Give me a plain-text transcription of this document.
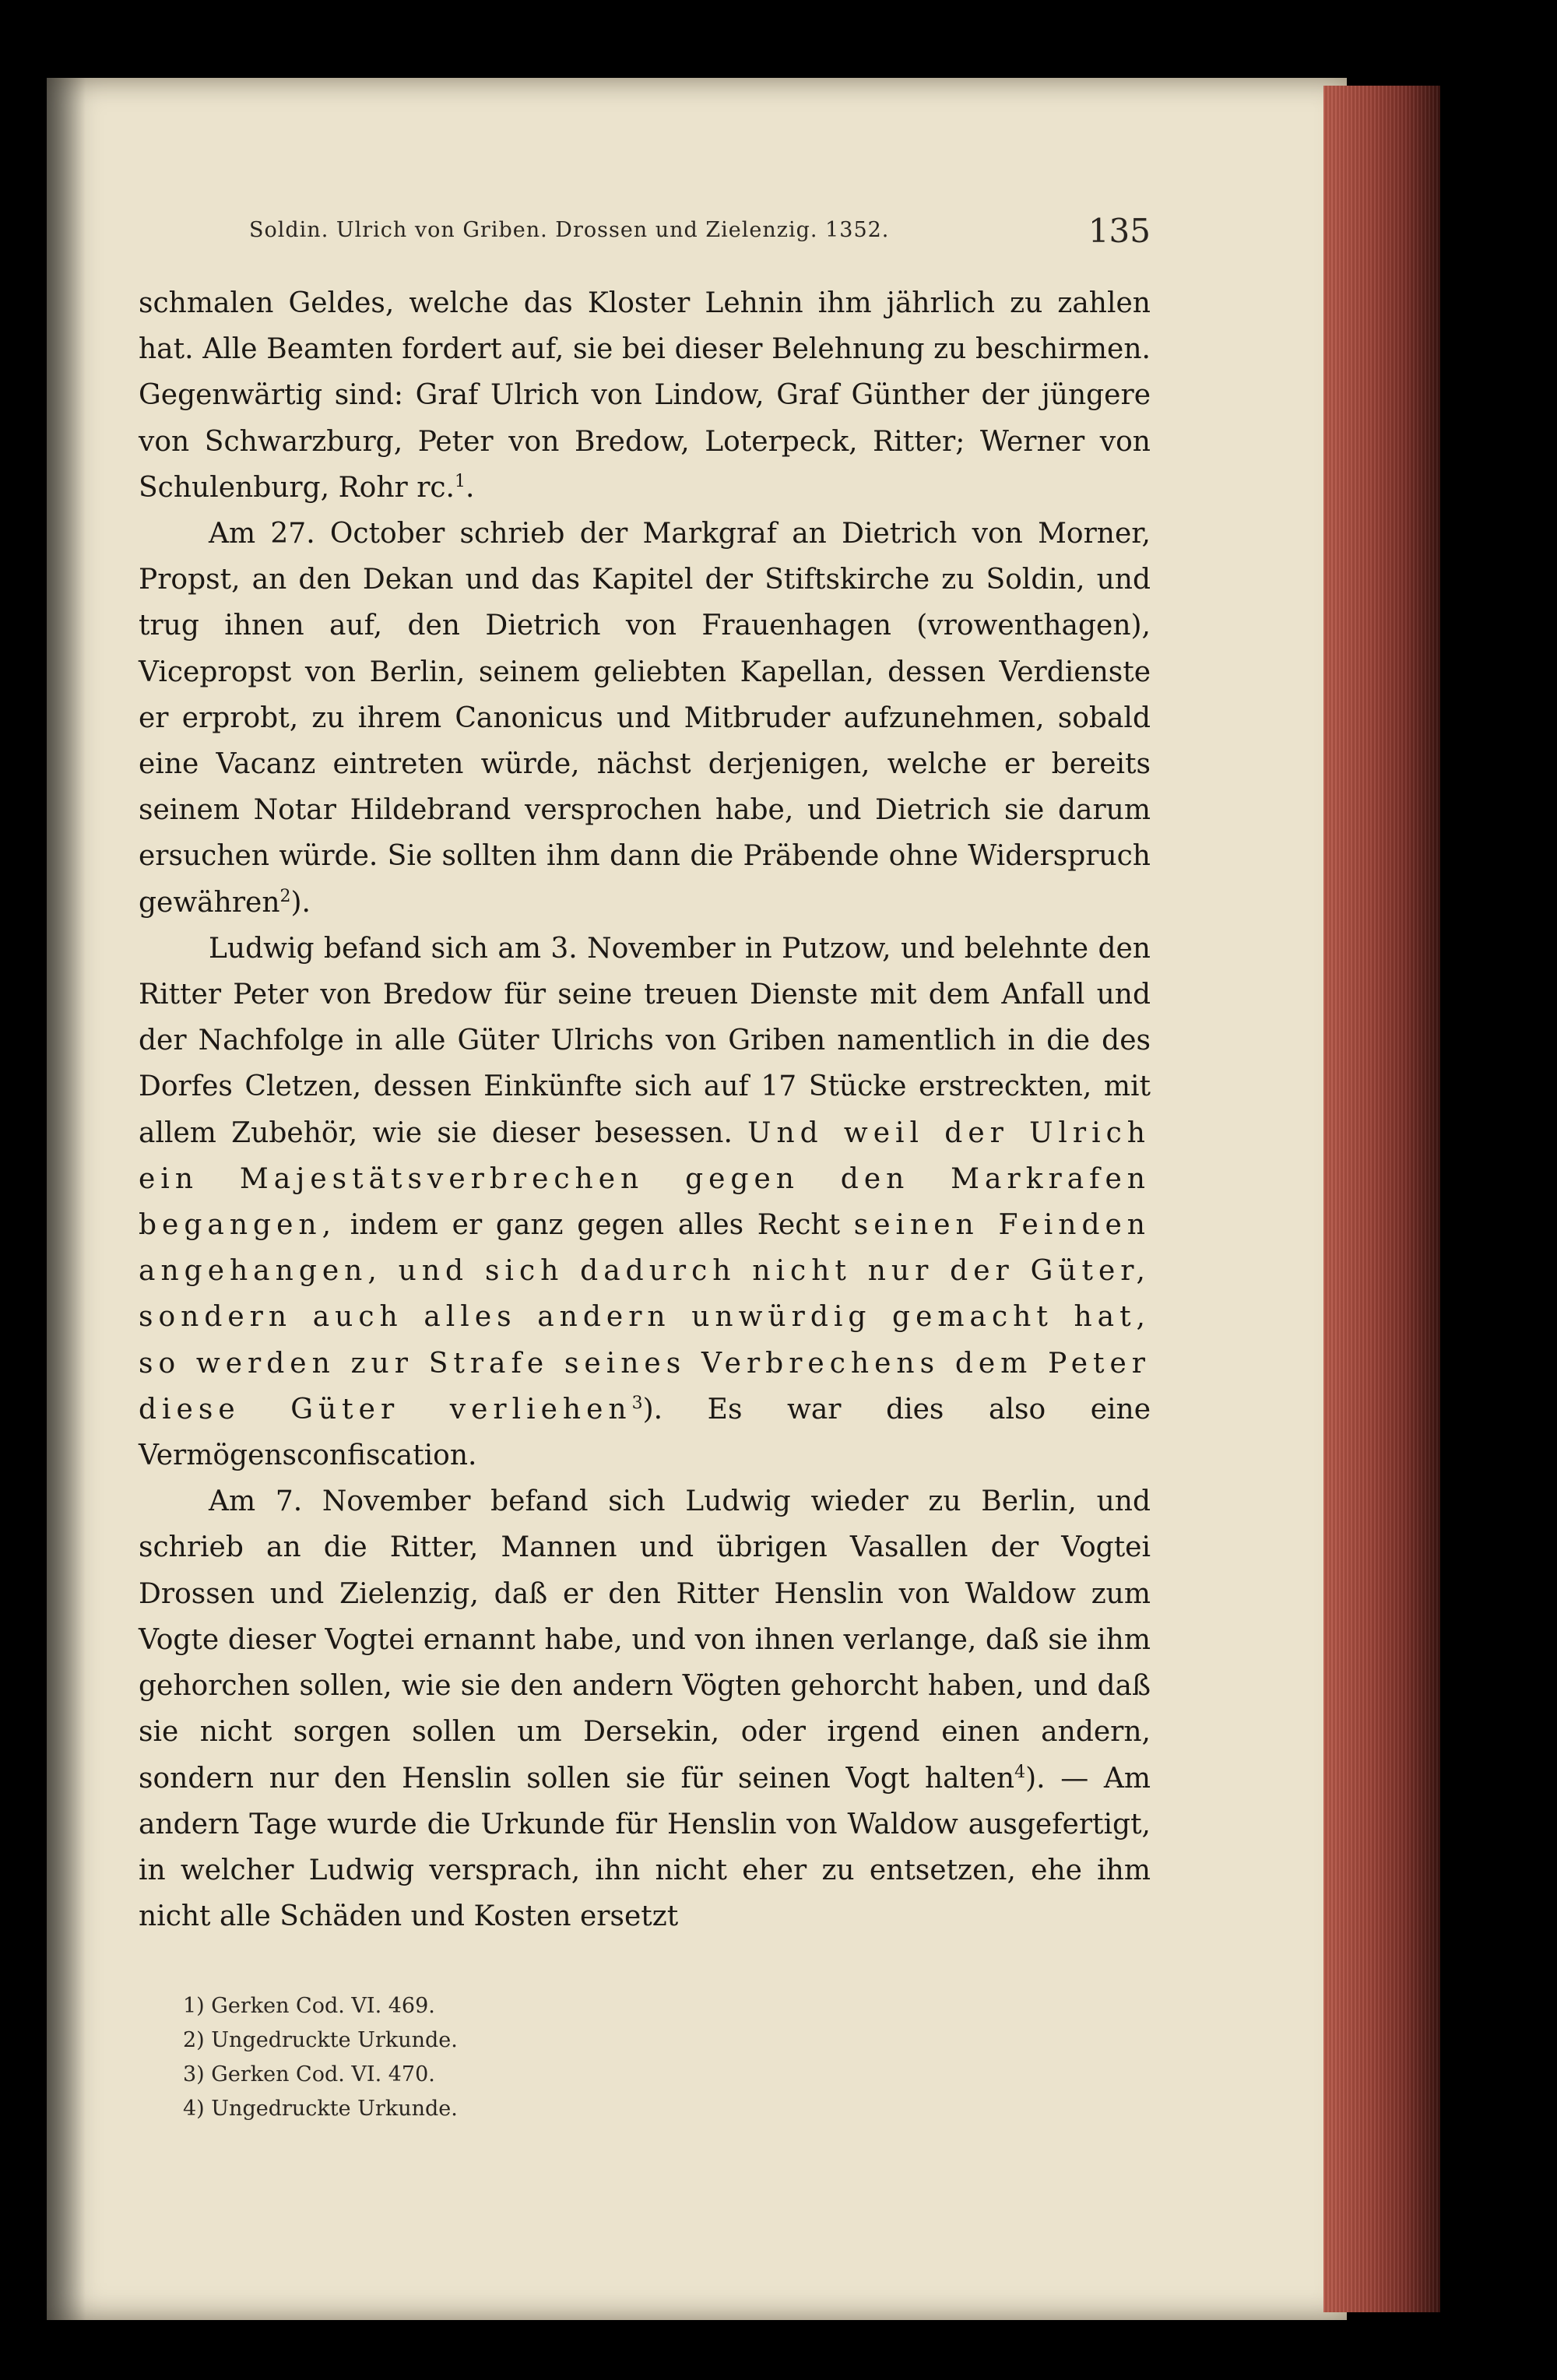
Soldin. Ulrich von Griben. Drossen und Zielenzig. 1352.	135

schmalen Geldes, welche das Kloster Lehnin ihm jährlich zu zahlen hat. Alle Beamten fordert auf, sie bei dieser Belehnung zu beschirmen. Gegenwärtig sind: Graf Ulrich von Lindow, Graf Günther der jüngere von Schwarzburg, Peter von Bredow, Loterpeck, Ritter; Werner von Schulenburg, Rohr rc.$^1$.

Am 27. October schrieb der Markgraf an Dietrich von Morner, Propst, an den Dekan und das Kapitel der Stiftskirche zu Soldin, und trug ihnen auf, den Dietrich von Frauenhagen (vrowenthagen), Vicepropst von Berlin, seinem geliebten Kapellan, dessen Verdienste er erprobt, zu ihrem Canonicus und Mitbruder aufzunehmen, sobald eine Vacanz eintreten würde, nächst derjenigen, welche er bereits seinem Notar Hildebrand versprochen habe, und Dietrich sie darum ersuchen würde. Sie sollten ihm dann die Präbende ohne Widerspruch gewähren$^2$).

Ludwig befand sich am 3. November in Putzow, und belehnte den Ritter Peter von Bredow für seine treuen Dienste mit dem Anfall und der Nachfolge in alle Güter Ulrichs von Griben namentlich in die des Dorfes Cletzen, dessen Einkünfte sich auf 17 Stücke erstreckten, mit allem Zubehör, wie sie dieser besessen. Und weil der Ulrich ein Majestätsverbrechen gegen den Markrafen begangen, indem er ganz gegen alles Recht seinen Feinden angehangen, und sich dadurch nicht nur der Güter, sondern auch alles andern unwürdig gemacht hat, so werden zur Strafe seines Verbrechens dem Peter diese Güter verliehen$^3$). Es war dies also eine Vermögensconfiscation.

Am 7. November befand sich Ludwig wieder zu Berlin, und schrieb an die Ritter, Mannen und übrigen Vasallen der Vogtei Drossen und Zielenzig, daß er den Ritter Henslin von Waldow zum Vogte dieser Vogtei ernannt habe, und von ihnen verlange, daß sie ihm gehorchen sollen, wie sie den andern Vögten gehorcht haben, und daß sie nicht sorgen sollen um Dersekin, oder irgend einen andern, sondern nur den Henslin sollen sie für seinen Vogt halten$^4$). — Am andern Tage wurde die Urkunde für Henslin von Waldow ausgefertigt, in welcher Ludwig versprach, ihn nicht eher zu entsetzen, ehe ihm nicht alle Schäden und Kosten ersetzt

1) Gerken Cod. VI. 469.
2) Ungedruckte Urkunde.
3) Gerken Cod. VI. 470.
4) Ungedruckte Urkunde.
